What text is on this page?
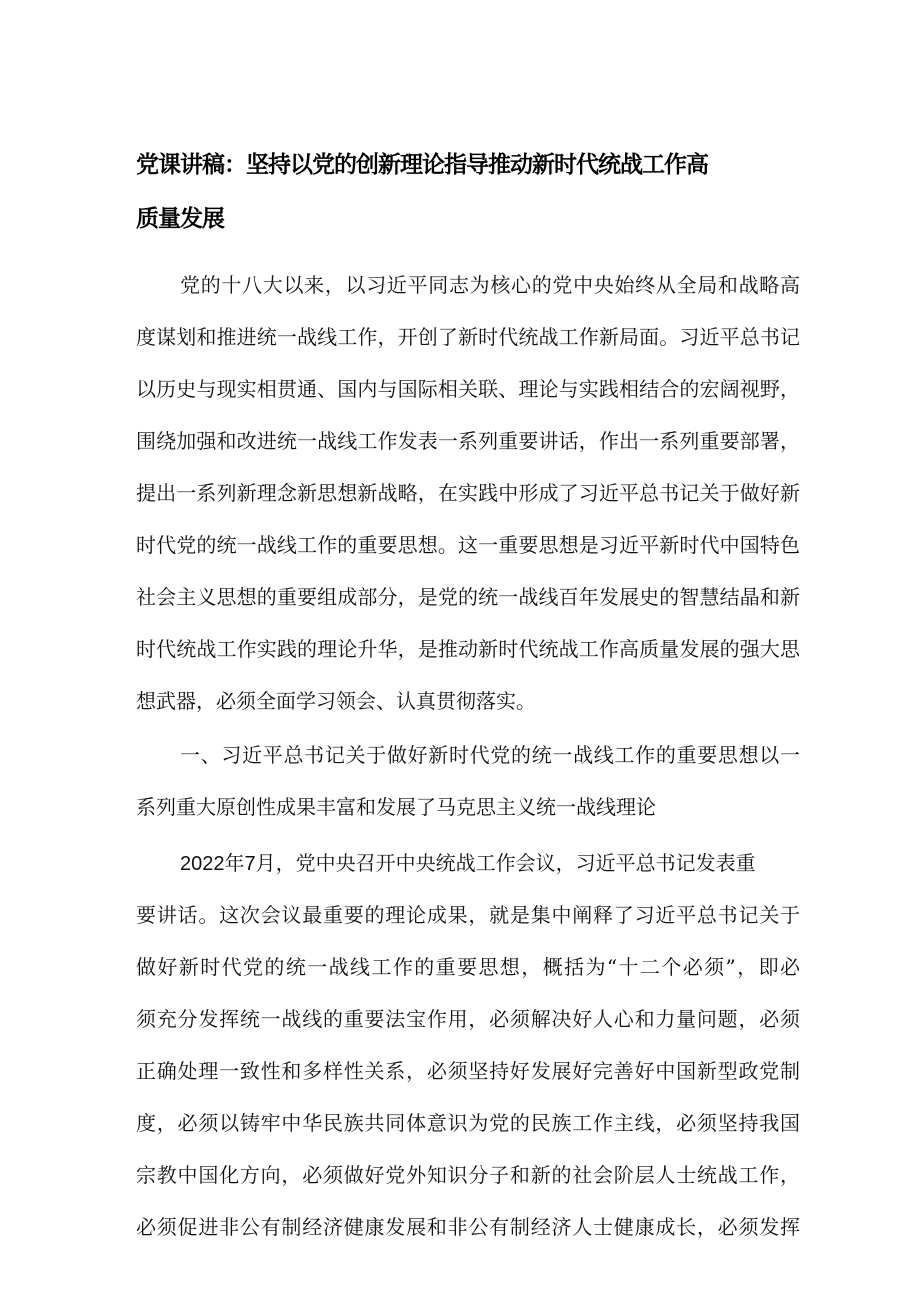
党课讲稿：坚持以党的创新理论指导推动新时代统战工作高
质量发展
党的十八大以来，以习近平同志为核心的党中央始终从全局和战略高
度谋划和推进统一战线工作，开创了新时代统战工作新局面。习近平总书记
以历史与现实相贯通、国内与国际相关联、理论与实践相结合的宏阔视野，
围绕加强和改进统一战线工作发表一系列重要讲话，作出一系列重要部署，
提出一系列新理念新思想新战略，在实践中形成了习近平总书记关于做好新
时代党的统一战线工作的重要思想。这一重要思想是习近平新时代中国特色
社会主义思想的重要组成部分，是党的统一战线百年发展史的智慧结晶和新
时代统战工作实践的理论升华，是推动新时代统战工作高质量发展的强大思
想武器，必须全面学习领会、认真贯彻落实。
一、习近平总书记关于做好新时代党的统一战线工作的重要思想以一
系列重大原创性成果丰富和发展了马克思主义统一战线理论
2022年7月，党中央召开中央统战工作会议，习近平总书记发表重
要讲话。这次会议最重要的理论成果，就是集中阐释了习近平总书记关于
做好新时代党的统一战线工作的重要思想，概括为“十二个必须”，即必
须充分发挥统一战线的重要法宝作用，必须解决好人心和力量问题，必须
正确处理一致性和多样性关系，必须坚持好发展好完善好中国新型政党制
度，必须以铸牢中华民族共同体意识为党的民族工作主线，必须坚持我国
宗教中国化方向，必须做好党外知识分子和新的社会阶层人士统战工作，
必须促进非公有制经济健康发展和非公有制经济人士健康成长，必须发挥
